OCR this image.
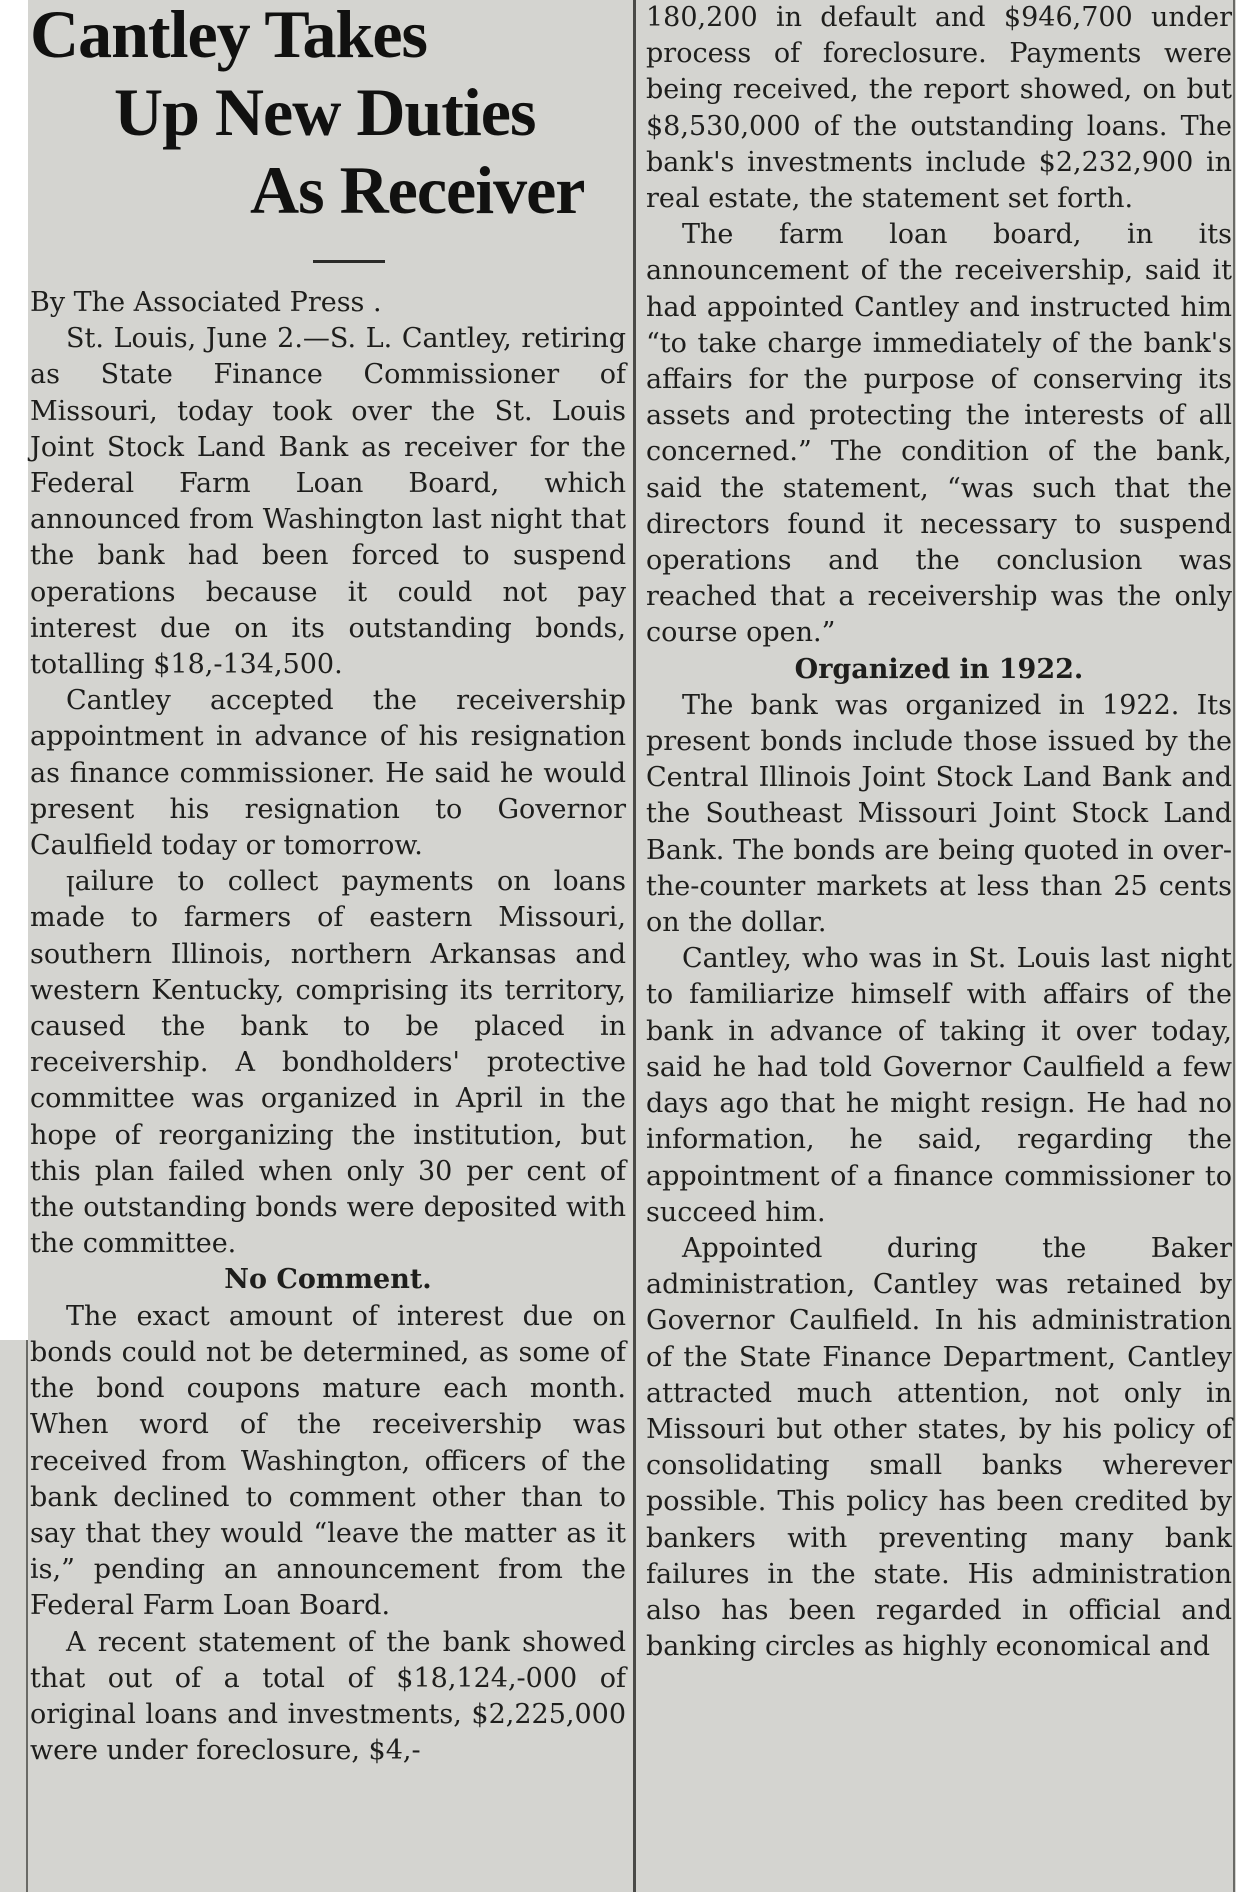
Cantley Takes
Up New Duties
As Receiver
By The Associated Press .

St. Louis, June 2.—S. L. Cantley, retiring as State Finance Commissioner of Missouri, today took over the St. Louis Joint Stock Land Bank as receiver for the Federal Farm Loan Board, which announced from Washington last night that the bank had been forced to suspend operations because it could not pay interest due on its outstanding bonds, totalling $18,-134,500.

Cantley accepted the receivership appointment in advance of his resignation as finance commissioner. He said he would present his resignation to Governor Caulfield today or tomorrow.

ꞁailure to collect payments on loans made to farmers of eastern Missouri, southern Illinois, northern Arkansas and western Kentucky, comprising its territory, caused the bank to be placed in receivership. A bondholders' protective committee was organized in April in the hope of reorganizing the institution, but this plan failed when only 30 per cent of the outstanding bonds were deposited with the committee.

No Comment.

The exact amount of interest due on bonds could not be determined, as some of the bond coupons mature each month. When word of the receivership was received from Washington, officers of the bank declined to comment other than to say that they would “leave the matter as it is,” pending an announcement from the Federal Farm Loan Board.

A recent statement of the bank showed that out of a total of $18,124,-000 of original loans and investments, $2,225,000 were under foreclosure, $4,-

180,200 in default and $946,700 under process of foreclosure. Payments were being received, the report showed, on but $8,530,000 of the outstanding loans. The bank's investments include $2,232,900 in real estate, the statement set forth.

The farm loan board, in its announcement of the receivership, said it had appointed Cantley and instructed him “to take charge immediately of the bank's affairs for the purpose of conserving its assets and protecting the interests of all concerned.” The condition of the bank, said the statement, “was such that the directors found it necessary to suspend operations and the conclusion was reached that a receivership was the only course open.”

Organized in 1922.

The bank was organized in 1922. Its present bonds include those issued by the Central Illinois Joint Stock Land Bank and the Southeast Missouri Joint Stock Land Bank. The bonds are being quoted in over-the-counter markets at less than 25 cents on the dollar.

Cantley, who was in St. Louis last night to familiarize himself with affairs of the bank in advance of taking it over today, said he had told Governor Caulfield a few days ago that he might resign. He had no information, he said, regarding the appointment of a finance commissioner to succeed him.

Appointed during the Baker administration, Cantley was retained by Governor Caulfield. In his administration of the State Finance Department, Cantley attracted much attention, not only in Missouri but other states, by his policy of consolidating small banks wherever possible. This policy has been credited by bankers with preventing many bank failures in the state. His administration also has been regarded in official and banking circles as highly economical and
